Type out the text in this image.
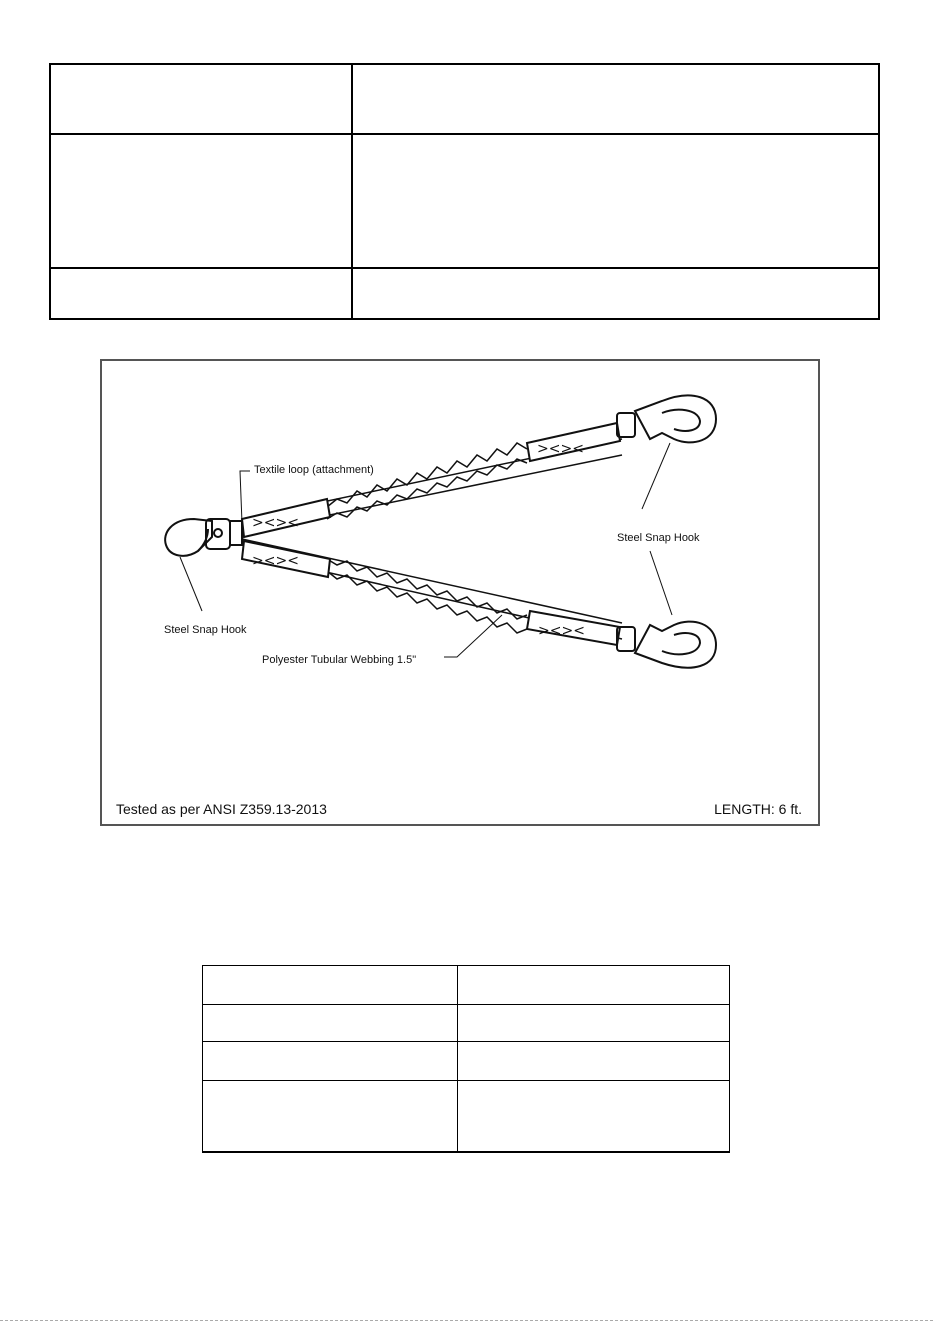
><><
><><
><><
><><
Textile loop (attachment)
Steel Snap Hook
Steel Snap Hook
Polyester Tubular Webbing 1.5"
Tested as per ANSI Z359.13-2013	LENGTH: 6 ft.
